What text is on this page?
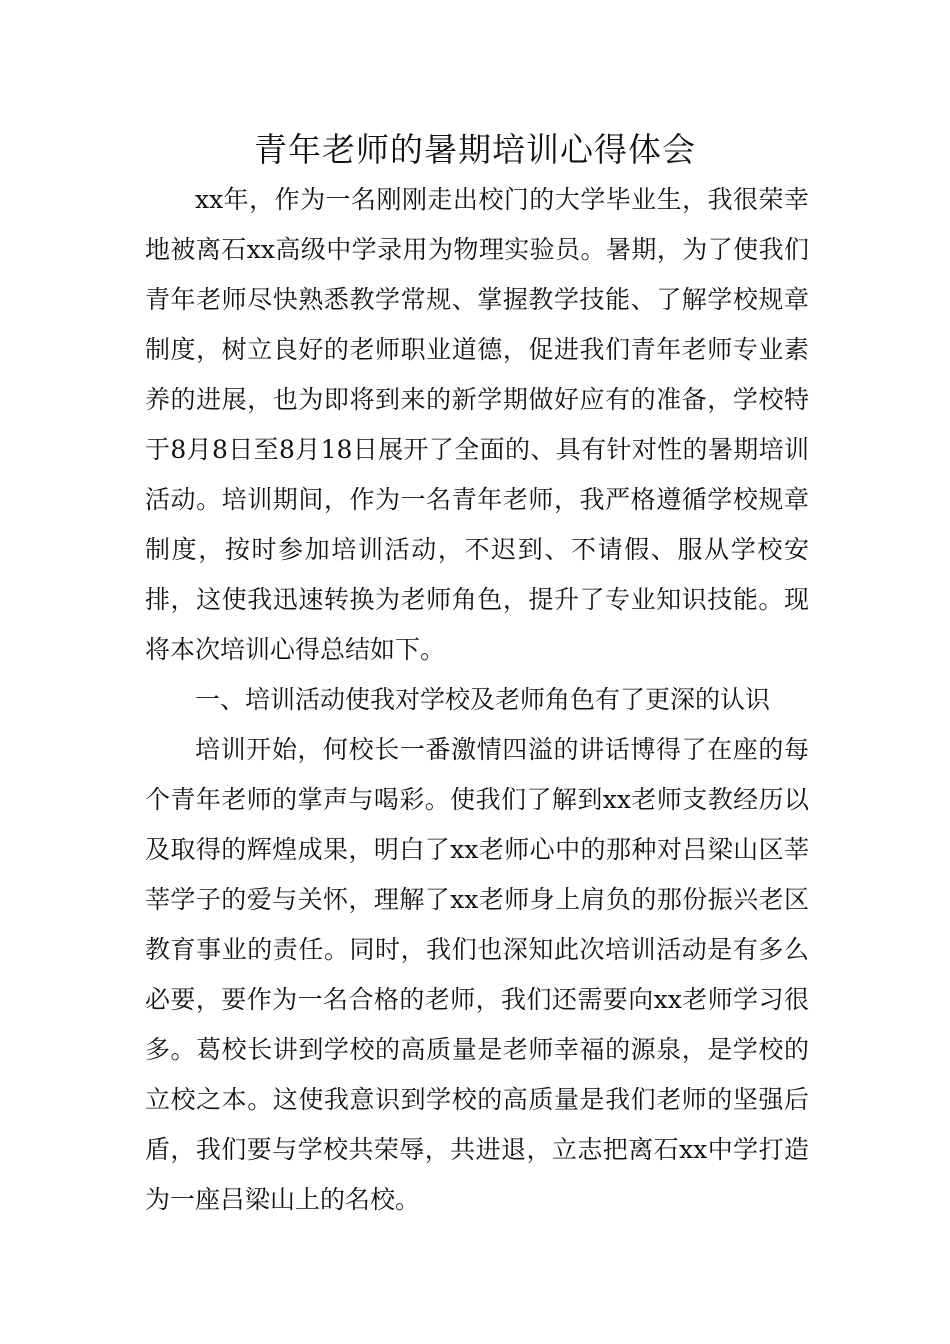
青年老师的暑期培训心得体会

xx年，作为一名刚刚走出校门的大学毕业生，我很荣幸地被离石xx高级中学录用为物理实验员。暑期，为了使我们青年老师尽快熟悉教学常规、掌握教学技能、了解学校规章制度，树立良好的老师职业道德，促进我们青年老师专业素养的进展，也为即将到来的新学期做好应有的准备，学校特于8月8日至8月18日展开了全面的、具有针对性的暑期培训活动。培训期间，作为一名青年老师，我严格遵循学校规章制度，按时参加培训活动，不迟到、不请假、服从学校安排，这使我迅速转换为老师角色，提升了专业知识技能。现将本次培训心得总结如下。

一、培训活动使我对学校及老师角色有了更深的认识

培训开始，何校长一番激情四溢的讲话博得了在座的每个青年老师的掌声与喝彩。使我们了解到xx老师支教经历以及取得的辉煌成果，明白了xx老师心中的那种对吕梁山区莘莘学子的爱与关怀，理解了xx老师身上肩负的那份振兴老区教育事业的责任。同时，我们也深知此次培训活动是有多么必要，要作为一名合格的老师，我们还需要向xx老师学习很多。葛校长讲到学校的高质量是老师幸福的源泉，是学校的立校之本。这使我意识到学校的高质量是我们老师的坚强后盾，我们要与学校共荣辱，共进退，立志把离石xx中学打造为一座吕梁山上的名校。
